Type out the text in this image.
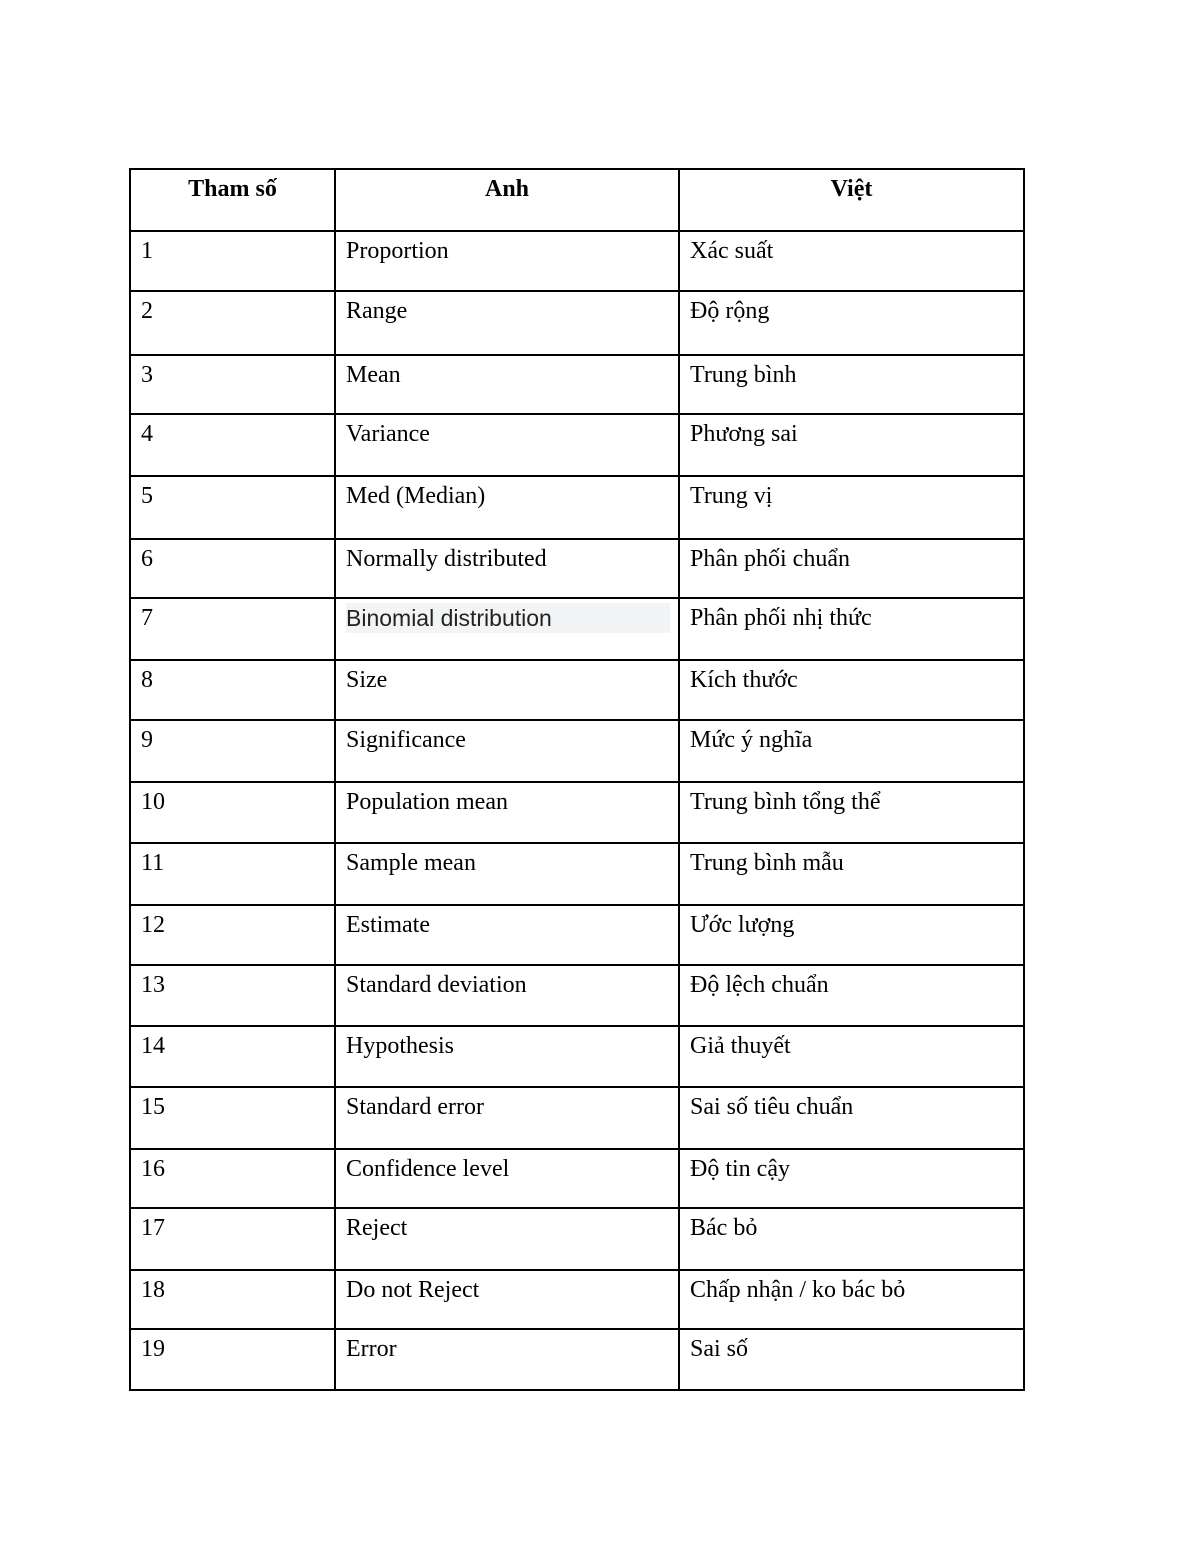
Tham số	Anh	Việt
1	Proportion	Xác suất
2	Range	Độ rộng
3	Mean	Trung bình
4	Variance	Phương sai
5	Med (Median)	Trung vị
6	Normally distributed	Phân phối chuẩn
7	Binomial distribution	Phân phối nhị thức
8	Size	Kích thước
9	Significance	Mức ý nghĩa
10	Population mean	Trung bình tổng thể
11	Sample mean	Trung bình mẫu
12	Estimate	Ước lượng
13	Standard deviation	Độ lệch chuẩn
14	Hypothesis	Giả thuyết
15	Standard error	Sai số tiêu chuẩn
16	Confidence level	Độ tin cậy
17	Reject	Bác bỏ
18	Do not Reject	Chấp nhận / ko bác bỏ
19	Error	Sai số
